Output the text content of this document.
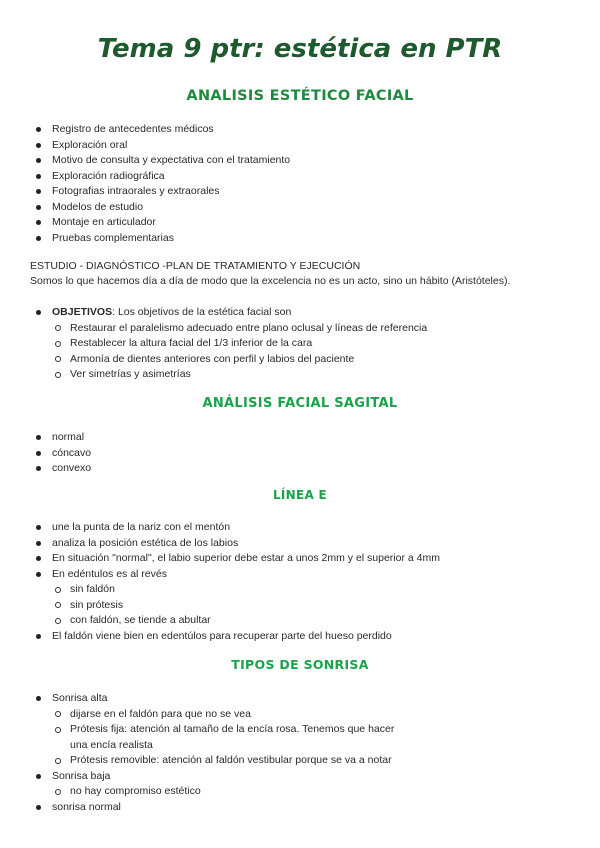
Tema 9 ptr: estética en PTR
ANALISIS ESTÉTICO FACIAL
Registro de antecedentes médicos
Exploración oral
Motivo de consulta y expectativa con el tratamiento
Exploración radiográfica
Fotografias intraorales y extraorales
Modelos de estudio
Montaje en articulador
Pruebas complementarias

ESTUDIO - DIAGNÓSTICO -PLAN DE TRATAMIENTO Y EJECUCIÓN

Somos lo que hacemos día a día de modo que la excelencia no es un acto, sino un hábito (Aristóteles).

OBJETIVOS: Los objetivos de la estética facial son
Restaurar el paralelismo adecuado entre plano oclusal y líneas de referencia
Restablecer la altura facial del 1/3 inferior de la cara
Armonía de dientes anteriores con perfil y labios del paciente
Ver simetrías y asimetrías
ANÁLISIS FACIAL SAGITAL
normal
cóncavo
convexo
LÍNEA E
une la punta de la nariz con el mentón
analiza la posición estética de los labios
En situación "normal", el labio superior debe estar a unos 2mm y el superior a 4mm
En edéntulos es al revés
sin faldón
sin prótesis
con faldón, se tiende a abultar
El faldón viene bien en edentúlos para recuperar parte del hueso perdido
TIPOS DE SONRISA
Sonrisa alta
dijarse en el faldón para que no se vea
Prótesis fija: atención al tamaño de la encía rosa. Tenemos que hacer
una encía realista
Prótesis removible: atención al faldón vestibular porque se va a notar
Sonrisa baja
no hay compromiso estético
sonrisa normal
